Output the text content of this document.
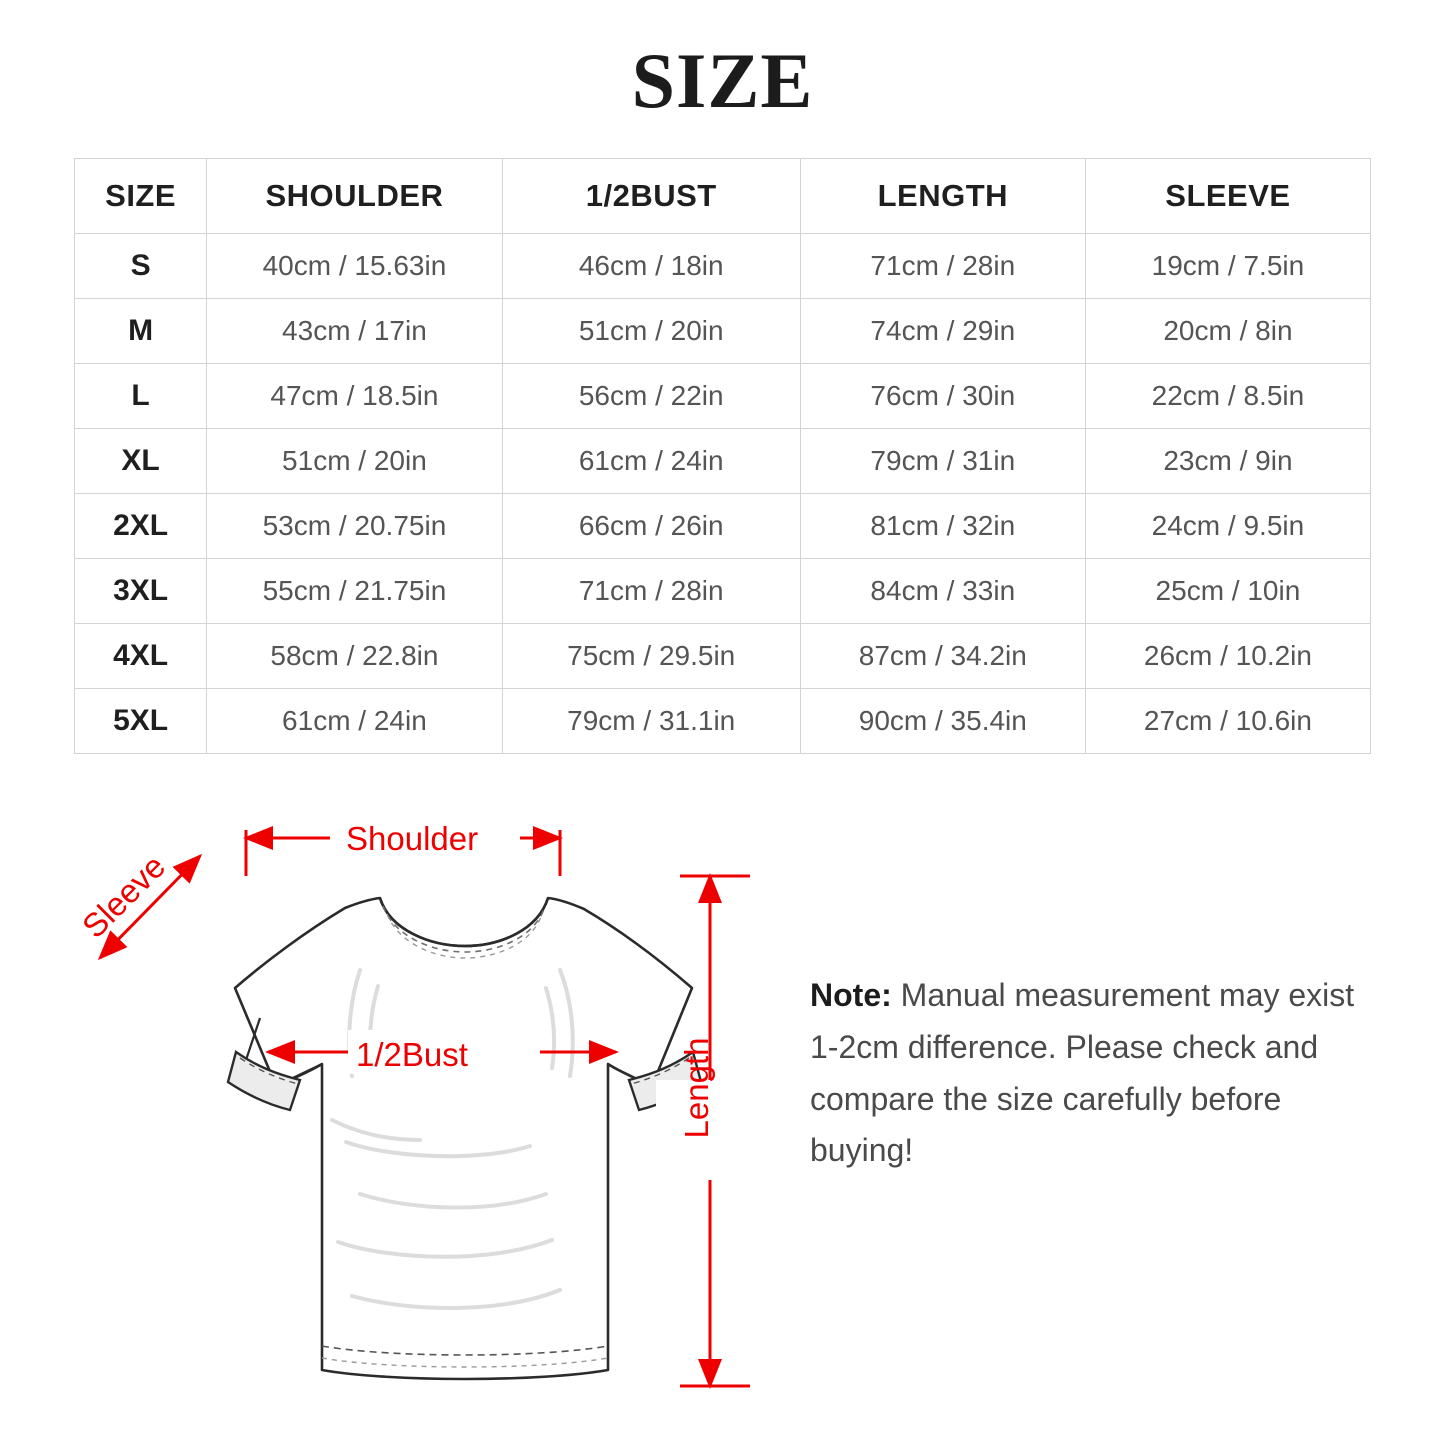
SIZE
SIZE	SHOULDER	1/2BUST	LENGTH	SLEEVE
S	40cm / 15.63in	46cm / 18in	71cm / 28in	19cm / 7.5in
M	43cm / 17in	51cm / 20in	74cm / 29in	20cm / 8in
L	47cm / 18.5in	56cm / 22in	76cm / 30in	22cm / 8.5in
XL	51cm / 20in	61cm / 24in	79cm / 31in	23cm / 9in
2XL	53cm / 20.75in	66cm / 26in	81cm / 32in	24cm / 9.5in
3XL	55cm / 21.75in	71cm / 28in	84cm / 33in	25cm / 10in
4XL	58cm / 22.8in	75cm / 29.5in	87cm / 34.2in	26cm / 10.2in
5XL	61cm / 24in	79cm / 31.1in	90cm / 35.4in	27cm / 10.6in
Shoulder
Sleeve
1/2Bust	Length
Note: Manual measurement may exist 1-2cm difference. Please check and compare the size carefully before buying!
